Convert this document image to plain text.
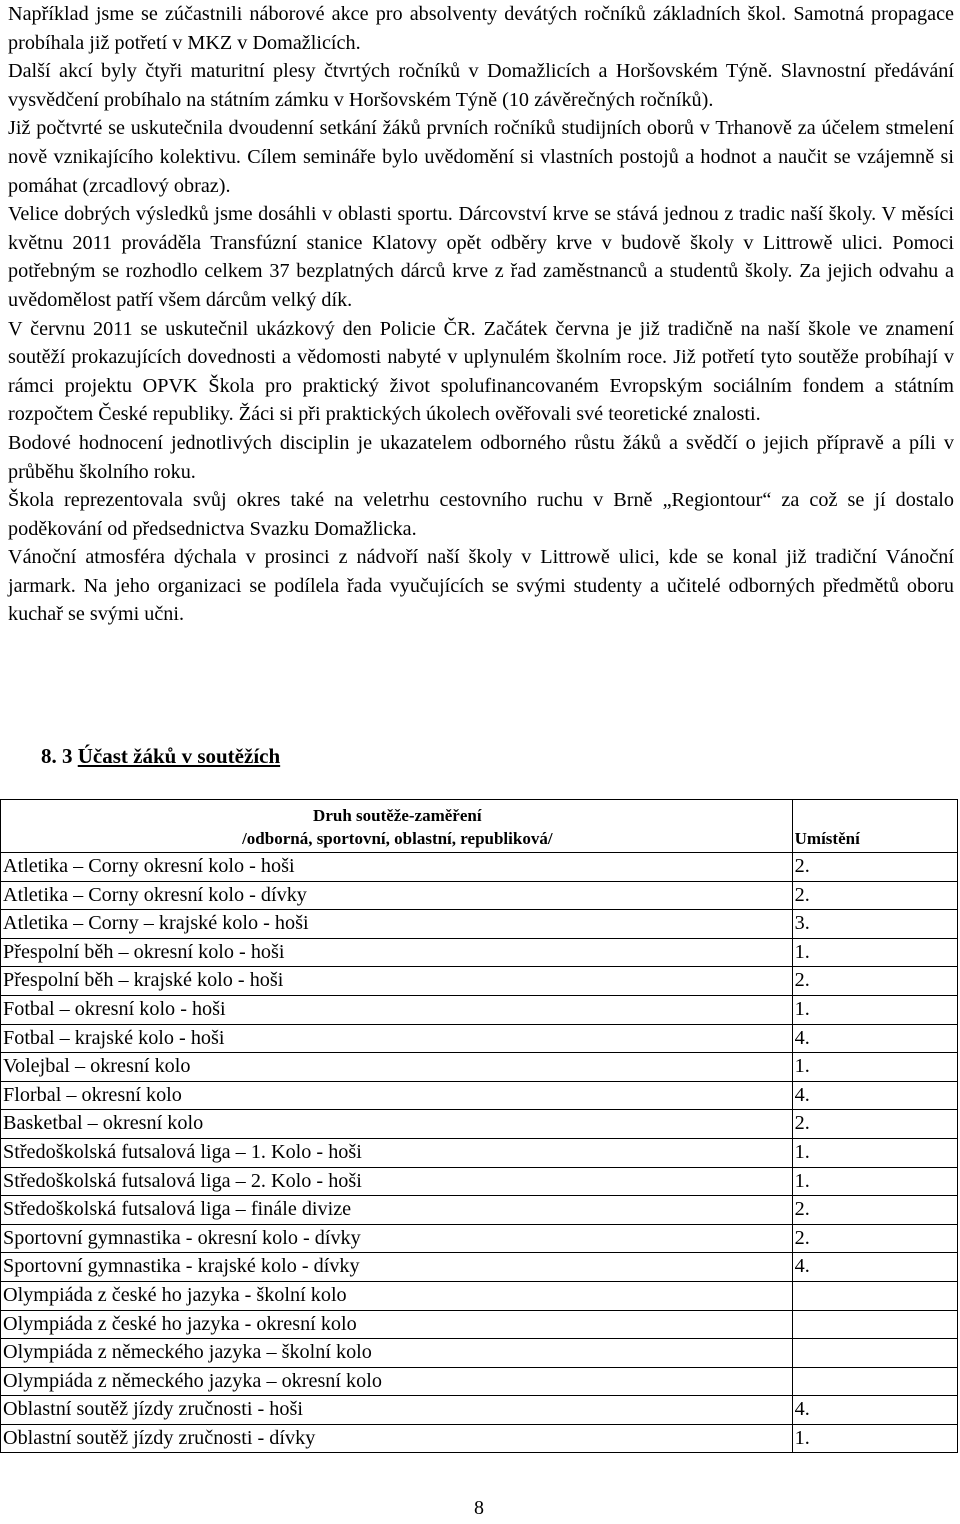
Například jsme se zúčastnili náborové akce pro absolventy devátých ročníků základních škol. Samotná propagace probíhala již potřetí v MKZ v Domažlicích.

Další akcí byly čtyři maturitní plesy čtvrtých ročníků v Domažlicích a Horšovském Týně. Slavnostní předávání vysvědčení probíhalo na státním zámku v Horšovském Týně (10 závěrečných ročníků).

Již počtvrté se uskutečnila dvoudenní setkání žáků prvních ročníků studijních oborů v Trhanově za účelem stmelení nově vznikajícího kolektivu. Cílem semináře bylo uvědomění si vlastních postojů a hodnot a naučit se vzájemně si pomáhat (zrcadlový obraz).

Velice dobrých výsledků jsme dosáhli v oblasti sportu. Dárcovství krve se stává jednou z tradic naší školy. V měsíci květnu 2011 prováděla Transfúzní stanice Klatovy opět odběry krve v budově školy v Littrowě ulici. Pomoci potřebným se rozhodlo celkem 37 bezplatných dárců krve z řad zaměstnanců a studentů školy. Za jejich odvahu a uvědomělost patří všem dárcům velký dík.

V červnu 2011 se uskutečnil ukázkový den Policie ČR. Začátek června je již tradičně na naší škole ve znamení soutěží prokazujících dovednosti a vědomosti nabyté v uplynulém školním roce. Již potřetí tyto soutěže probíhají v rámci projektu OPVK Škola pro praktický život spolufinancovaném Evropským sociálním fondem a státním rozpočtem České republiky. Žáci si při praktických úkolech ověřovali své teoretické znalosti.

Bodové hodnocení jednotlivých disciplin je ukazatelem odborného růstu žáků a svědčí o jejich přípravě a píli v průběhu školního roku.

Škola reprezentovala svůj okres také na veletrhu cestovního ruchu v Brně „Regiontour“ za což se jí dostalo poděkování od předsednictva Svazku Domažlicka.

Vánoční atmosféra dýchala v prosinci z nádvoří naší školy v Littrowě ulici, kde se konal již tradiční Vánoční jarmark. Na jeho organizaci se podílela řada vyučujících se svými studenty a učitelé odborných předmětů oboru kuchař se svými učni.

8. 3 Účast žáků v soutěžích
Druh soutěže-zaměření
/odborná, sportovní, oblastní, republiková/	Umístění
Atletika – Corny okresní kolo - hoši	2.
Atletika – Corny okresní kolo - dívky	2.
Atletika – Corny – krajské kolo - hoši	3.
Přespolní běh – okresní kolo - hoši	1.
Přespolní běh – krajské kolo - hoši	2.
Fotbal – okresní kolo - hoši	1.
Fotbal – krajské kolo - hoši	4.
Volejbal – okresní kolo	1.
Florbal – okresní kolo	4.
Basketbal – okresní kolo	2.
Středoškolská futsalová liga – 1. Kolo - hoši	1.
Středoškolská futsalová liga – 2. Kolo - hoši	1.
Středoškolská futsalová liga – finále divize	2.
Sportovní gymnastika - okresní kolo - dívky	2.
Sportovní gymnastika - krajské kolo - dívky	4.
Olympiáda z české ho jazyka - školní kolo	
Olympiáda z české ho jazyka - okresní kolo	
Olympiáda z německého jazyka – školní kolo	
Olympiáda z německého jazyka – okresní kolo	
Oblastní soutěž jízdy zručnosti - hoši	4.
Oblastní soutěž jízdy zručnosti - dívky	1.
8
